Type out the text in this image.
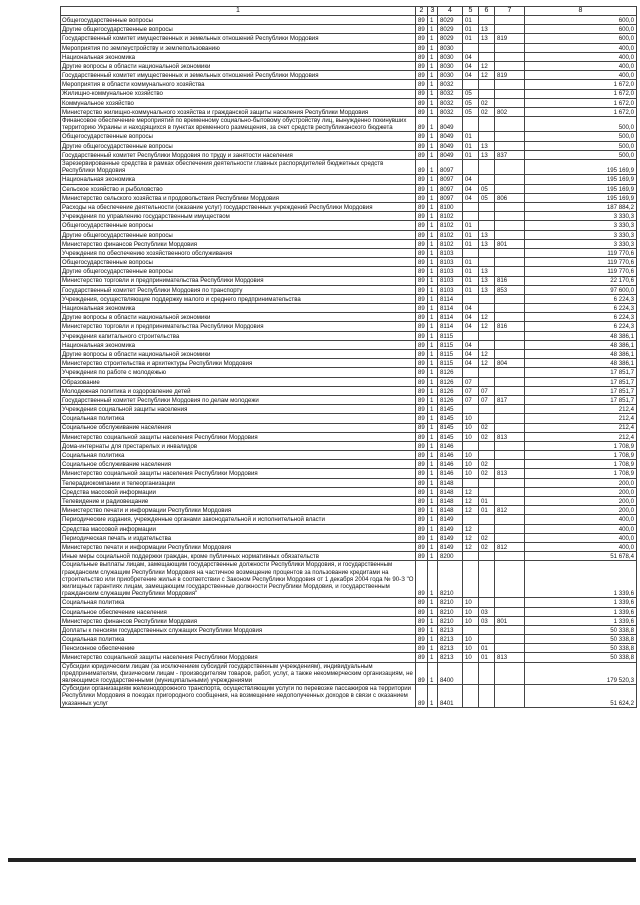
1	2	3	4	5	6	7	8
Общегосударственные вопросы	89	1	8029	01			600,0
Другие общегосударственные вопросы	89	1	8029	01	13		600,0
Государственный комитет имущественных и земельных отношений Республики Мордовия	89	1	8029	01	13	819	600,0
Мероприятия по землеустройству и землепользованию	89	1	8030				400,0
Национальная экономика	89	1	8030	04			400,0
Другие вопросы в области национальной экономики	89	1	8030	04	12		400,0
Государственный комитет имущественных и земельных отношений Республики Мордовия	89	1	8030	04	12	819	400,0
Мероприятия в области коммунального хозяйства	89	1	8032				1 672,0
Жилищно-коммунальное хозяйство	89	1	8032	05			1 672,0
Коммунальное хозяйство	89	1	8032	05	02		1 672,0
Министерство жилищно-коммунального хозяйства и гражданской защиты населения Республики Мордовия	89	1	8032	05	02	802	1 672,0
Финансовое обеспечение мероприятий по временному социально-бытовому обустройству лиц, вынужденно покинувших территорию Украины и находящихся в пунктах временного размещения, за счет средств республиканского бюджета	89	1	8049				500,0
Общегосударственные вопросы	89	1	8049	01			500,0
Другие общегосударственные вопросы	89	1	8049	01	13		500,0
Государственный комитет Республики Мордовия по труду и занятости населения	89	1	8049	01	13	837	500,0
Зарезервированные средства в рамках обеспечения деятельности главных распорядителей бюджетных средств Республики Мордовия	89	1	8097				195 169,9
Национальная экономика	89	1	8097	04			195 169,9
Сельское хозяйство и рыболовство	89	1	8097	04	05		195 169,9
Министерство сельского хозяйства и продовольствия Республики Мордовия	89	1	8097	04	05	806	195 169,9
Расходы на обеспечение деятельности (оказание услуг) государственных учреждений Республики Мордовия	89	1	8100				187 884,2
Учреждения по управлению государственным имуществом	89	1	8102				3 330,3
Общегосударственные вопросы	89	1	8102	01			3 330,3
Другие общегосударственные вопросы	89	1	8102	01	13		3 330,3
Министерство финансов Республики Мордовия	89	1	8102	01	13	801	3 330,3
Учреждения по обеспечению хозяйственного обслуживания	89	1	8103				119 770,6
Общегосударственные вопросы	89	1	8103	01			119 770,6
Другие общегосударственные вопросы	89	1	8103	01	13		119 770,6
Министерство торговли и предпринимательства Республики Мордовия	89	1	8103	01	13	816	22 170,6
Государственный комитет Республики Мордовия по транспорту	89	1	8103	01	13	853	97 600,0
Учреждения, осуществляющие поддержку малого и среднего предпринимательства	89	1	8114				6 224,3
Национальная экономика	89	1	8114	04			6 224,3
Другие вопросы в области национальной экономики	89	1	8114	04	12		6 224,3
Министерство торговли и предпринимательства Республики Мордовия	89	1	8114	04	12	816	6 224,3
Учреждения капитального строительства	89	1	8115				48 386,1
Национальная экономика	89	1	8115	04			48 386,1
Другие вопросы в области национальной экономики	89	1	8115	04	12		48 386,1
Министерство строительства и архитектуры Республики Мордовия	89	1	8115	04	12	804	48 386,1
Учреждения по работе с молодежью	89	1	8126				17 851,7
Образование	89	1	8126	07			17 851,7
Молодежная политика и оздоровление детей	89	1	8126	07	07		17 851,7
Государственный комитет Республики Мордовия по делам молодежи	89	1	8126	07	07	817	17 851,7
Учреждения социальной защиты населения	89	1	8145				212,4
Социальная политика	89	1	8145	10			212,4
Социальное обслуживание населения	89	1	8145	10	02		212,4
Министерство социальной защиты населения Республики Мордовия	89	1	8145	10	02	813	212,4
Дома-интернаты для престарелых и инвалидов	89	1	8146				1 708,9
Социальная политика	89	1	8146	10			1 708,9
Социальное обслуживание населения	89	1	8146	10	02		1 708,9
Министерство социальной защиты населения Республики Мордовия	89	1	8146	10	02	813	1 708,9
Телерадиокомпании и телеорганизации	89	1	8148				200,0
Средства массовой информации	89	1	8148	12			200,0
Телевидение и радиовещание	89	1	8148	12	01		200,0
Министерство печати и информации Республики Мордовия	89	1	8148	12	01	812	200,0
Периодические издания, учрежденные органами законодательной и исполнительной власти	89	1	8149				400,0
Средства массовой информации	89	1	8149	12			400,0
Периодическая печать и издательства	89	1	8149	12	02		400,0
Министерство печати и информации Республики Мордовия	89	1	8149	12	02	812	400,0
Иные меры социальной поддержки граждан, кроме публичных нормативных обязательств	89	1	8200				51 678,4
Социальные выплаты лицам, замещающим государственные должности Республики Мордовия, и государственным гражданским служащим Республики Мордовия на частичное возмещение процентов за пользование кредитами на строительство или приобретение жилья в соответствии с Законом Республики Мордовия от 1 декабря 2004 года № 90-З "О жилищных гарантиях лицам, замещающим государственные должности Республики Мордовия, и государственным гражданским служащим Республики Мордовия"	89	1	8210				1 339,6
Социальная политика	89	1	8210	10			1 339,6
Социальное обеспечение населения	89	1	8210	10	03		1 339,6
Министерство финансов Республики Мордовия	89	1	8210	10	03	801	1 339,6
Доплаты к пенсиям государственных служащих Республики Мордовия	89	1	8213				50 338,8
Социальная политика	89	1	8213	10			50 338,8
Пенсионное обеспечение	89	1	8213	10	01		50 338,8
Министерство социальной защиты населения Республики Мордовия	89	1	8213	10	01	813	50 338,8
Субсидии юридическим лицам (за исключением субсидий государственным учреждениям), индивидуальным предпринимателям, физическим лицам - производителям товаров, работ, услуг, а также некоммерческим организациям, не являющимся государственными (муниципальными) учреждениями	89	1	8400				179 520,3
Субсидии организациям железнодорожного транспорта, осуществляющим услуги по перевозке пассажиров на территории Республики Мордовия в поездах пригородного сообщения, на возмещение недополученных доходов в связи с оказанием указанных услуг	89	1	8401				51 624,2
